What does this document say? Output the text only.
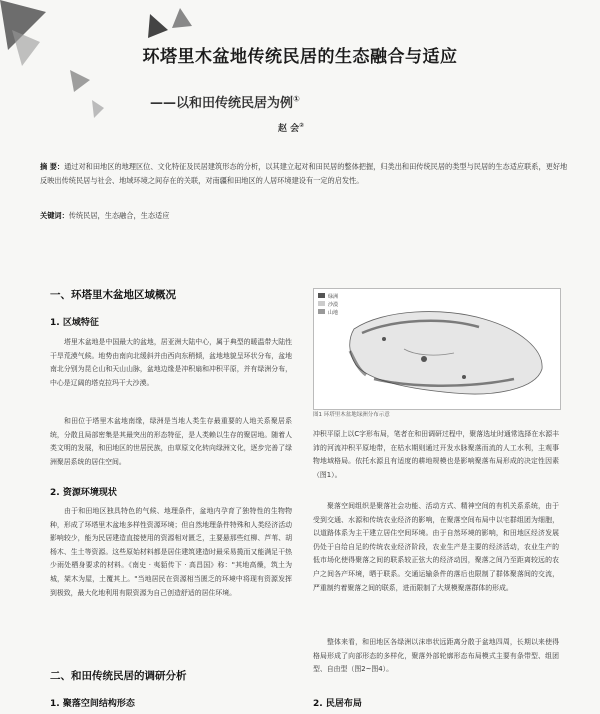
环塔里木盆地传统民居的生态融合与适应
——以和田传统民居为例①
赵 会②
摘 要：通过对和田地区的地理区位、文化特征及民居建筑形态的分析，以其建立起对和田民居的整体把握，归类出和田传统民居的类型与民居的生态适应联系，更好地反映出传统民居与社会、地域环境之间存在的关联，对南疆和田地区的人居环境建设有一定的启发性。
关键词：传统民居，生态融合，生态适应
一、环塔里木盆地区域概况
1. 区域特征
塔里木盆地是中国最大的盆地，居亚洲大陆中心，属于典型的暖温带大陆性干旱荒漠气候。地势由南向北缓斜并由西向东稍倾，盆地地貌呈环状分布，盆地南北分别为昆仑山和天山山脉，盆地边缘是冲积扇和冲积平原，并有绿洲分布，中心是辽阔的塔克拉玛干大沙漠。
和田位于塔里木盆地南缘，绿洲是当地人类生存最重要的人地关系聚居系统，分散且局部密集是其最突出的形态特征，是人类赖以生存的聚居地。随着人类文明的发展，和田地区的世居民族，由草原文化转向绿洲文化，逐步完善了绿洲聚居系统的居住空间。
2. 资源环境现状
由于和田地区独具特色的气候、地理条件，盆地内孕育了独特性的生物物种，形成了环塔里木盆地多样性资源环境；但自然地理条件特殊和人类经济活动影响较少，能为民居建造直接使用的资源相对匮乏，主要悬那些红柳、芦苇、胡杨木、生土等资源。这些原始材料都是居住建筑建造时最采易揽而又能满足干热少雨处栖身要求的材料。《南史 · 夷貊传下 · 高昌国》称："其地高燥，筑土为城，架木为屋，土覆其上。"当地居民在资源相当匮乏的环境中将现有资源发挥到极致，最大化地利用有限资源为自己创造舒适的居住环境。
二、和田传统民居的调研分析
1. 聚落空间结构形态
绿洲
沙漠
山地
图1 环塔里木盆地绿洲分布示意
冲积平原上以C字形布局，笔者在和田调研过程中，聚落选址时通常选择在水源丰沛的河流冲积平原地带，在枯水期则通过开发水脉聚落而流的人工水利，主观事物地域格局。依托水源且有适度的耕地规模也是影响聚落布局形成的决定性因素（图1）。
聚落空间组织是聚落社会功能、活动方式、精神空间的有机关系系统，由于受到交通、水源和传统农业经济的影响，在聚落空间布局中以宅群组团为细胞，以道路体系为主干建立居住空间环境。由于自然环境的影响，和田地区经济发展仍处于自给自足的传统农业经济阶段，农业生产是主要的经济活动，农业生产的低市场化使得聚落之间的联系较正弦大的经济动因，聚落之间乃至距离较远的农户之间各产环境，晒于联系。交通运输条件的落后也限制了群体聚落间的交流，严重制约着聚落之间的联系，进而限制了大规模聚落群体的形成。
整体来看，和田地区各绿洲以沫串状远距离分散于盆地四周，长期以来使得格局形成了向部形态的多样化，聚落外部轮廓形态布局模式主要有条带型、组团型、自由型（图2~图4）。
2. 民居布局
